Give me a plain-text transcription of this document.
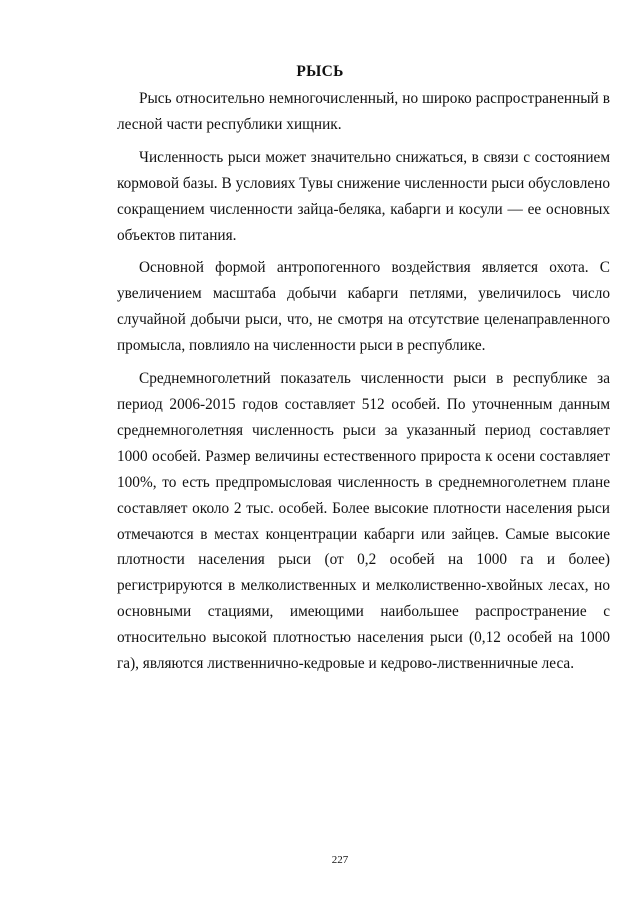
РЫСЬ

Рысь относительно немногочисленный, но широко распространенный в лесной части республики хищник.

Численность рыси может значительно снижаться, в связи с состоянием кормовой базы. В условиях Тувы снижение численности рыси обусловлено сокращением численности зайца-беляка, кабарги и косули — ее основных объектов питания.

Основной формой антропогенного воздействия является охота. С увеличением масштаба добычи кабарги петлями, увеличилось число случайной добычи рыси, что, не смотря на отсутствие целенаправленного промысла, повлияло на численности рыси в республике.

Среднемноголетний показатель численности рыси в республике за период 2006-2015 годов составляет 512 особей. По уточненным данным среднемноголетняя численность рыси за указанный период составляет 1000 особей. Размер величины естественного прироста к осени составляет 100%, то есть предпромысловая численность в среднемноголетнем плане составляет около 2 тыс. особей. Более высокие плотности населения рыси отмечаются в местах концентрации кабарги или зайцев. Самые высокие плотности населения рыси (от 0,2 особей на 1000 га и более) регистрируются в мелколиственных и мелколиственно-хвойных лесах, но основными стациями, имеющими наибольшее распространение с относительно высокой плотностью населения рыси (0,12 особей на 1000 га), являются лиственнично-кедровые и кедрово-лиственничные леса.

227
